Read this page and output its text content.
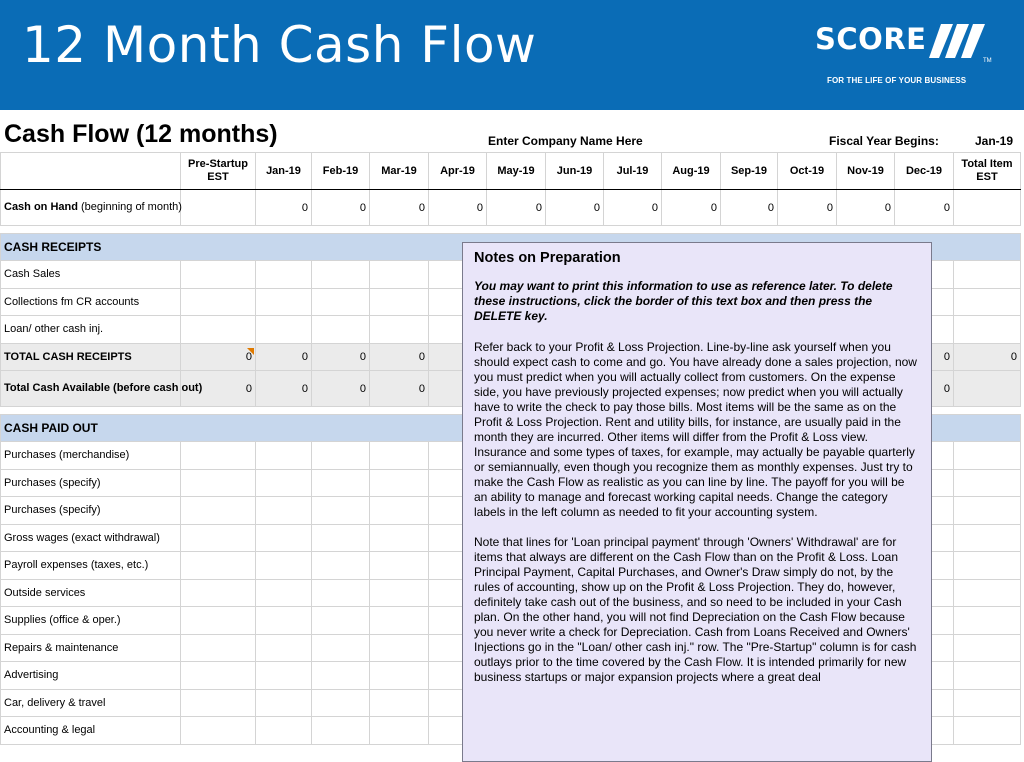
12 Month Cash Flow	SCORE
TM
FOR THE LIFE OF YOUR BUSINESS
Cash Flow (12 months)	Enter Company Name Here	Fiscal Year Begins:	Jan-19
	Pre-Startup EST	Jan-19	Feb-19	Mar-19	Apr-19	May-19	Jun-19	Jul-19	Aug-19	Sep-19	Oct-19	Nov-19	Dec-19	Total Item EST
Cash on Hand (beginning of month)		0	0	0	0	0	0	0	0	0	0	0	0	

CASH RECEIPTS														
Cash Sales														
Collections fm CR accounts														
Loan/ other cash inj.														
TOTAL CASH RECEIPTS	0	0	0	0									0	0
Total Cash Available (before cash out)	0	0	0	0									0	

CASH PAID OUT														
Purchases (merchandise)														
Purchases (specify)														
Purchases (specify)														
Gross wages (exact withdrawal)														
Payroll expenses (taxes, etc.)														
Outside services														
Supplies (office & oper.)														
Repairs & maintenance														
Advertising														
Car, delivery & travel														
Accounting & legal														
Notes on Preparation
You may want to print this information to use as reference later. To delete these instructions, click the border of this text box and then press the DELETE key.
Refer back to your Profit & Loss Projection. Line-by-line ask yourself when you should expect cash to come and go. You have already done a sales projection, now you must predict when you will actually collect from customers. On the expense side, you have previously projected expenses; now predict when you will actually have to write the check to pay those bills. Most items will be the same as on the Profit & Loss Projection. Rent and utility bills, for instance, are usually paid in the month they are incurred. Other items will differ from the Profit & Loss view. Insurance and some types of taxes, for example, may actually be payable quarterly or semiannually, even though you recognize them as monthly expenses. Just try to make the Cash Flow as realistic as you can line by line. The payoff for you will be an ability to manage and forecast working capital needs. Change the category labels in the left column as needed to fit your accounting system.
Note that lines for 'Loan principal payment' through 'Owners' Withdrawal' are for items that always are different on the Cash Flow than on the Profit & Loss. Loan Principal Payment, Capital Purchases, and Owner's Draw simply do not, by the rules of accounting, show up on the Profit & Loss Projection. They do, however, definitely take cash out of the business, and so need to be included in your Cash plan. On the other hand, you will not find Depreciation on the Cash Flow because you never write a check for Depreciation. Cash from Loans Received and Owners' Injections go in the "Loan/ other cash inj." row. The "Pre-Startup" column is for cash outlays prior to the time covered by the Cash Flow. It is intended primarily for new business startups or major expansion projects where a great deal
